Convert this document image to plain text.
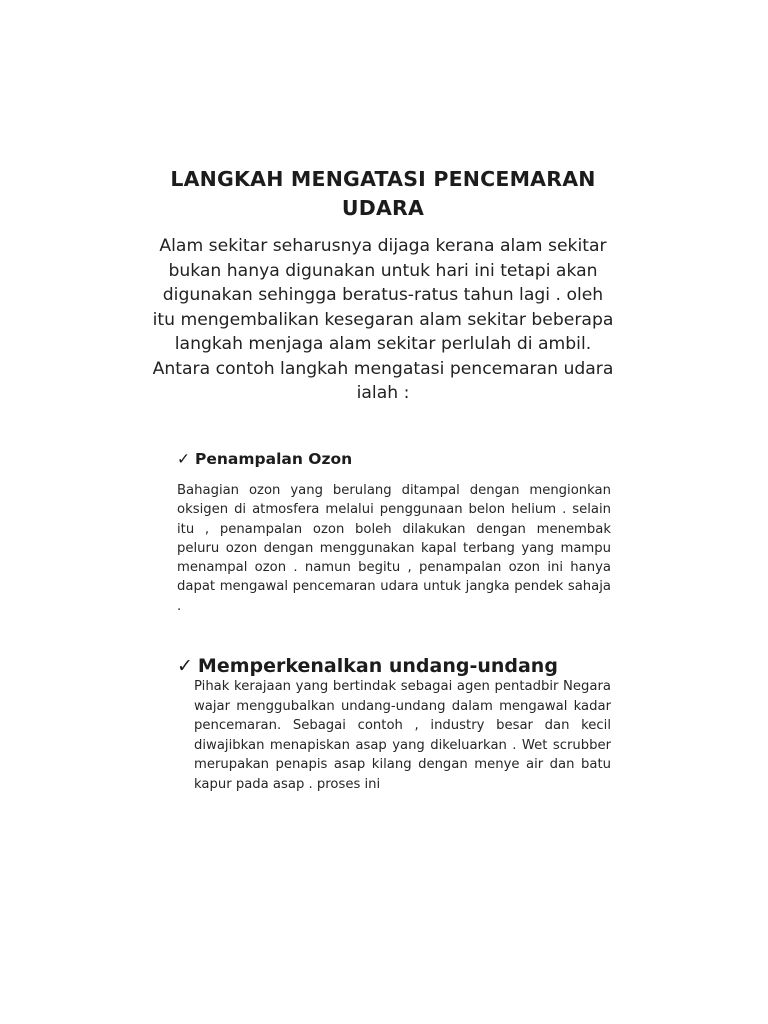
LANGKAH MENGATASI PENCEMARAN UDARA
Alam sekitar seharusnya dijaga kerana alam sekitar bukan hanya digunakan untuk hari ini tetapi akan digunakan sehingga beratus-ratus tahun lagi . oleh itu mengembalikan kesegaran alam sekitar beberapa langkah menjaga alam sekitar perlulah di ambil. Antara contoh langkah mengatasi pencemaran udara ialah :
✓ Penampalan Ozon
Bahagian ozon yang berulang ditampal dengan mengionkan oksigen di atmosfera melalui penggunaan belon helium . selain itu , penampalan ozon boleh dilakukan dengan menembak peluru ozon dengan menggunakan kapal terbang yang mampu menampal ozon . namun begitu , penampalan ozon ini hanya dapat mengawal pencemaran udara untuk jangka pendek sahaja .
✓ Memperkenalkan undang-undang
Pihak kerajaan yang bertindak sebagai agen pentadbir Negara wajar menggubalkan undang-undang dalam mengawal kadar pencemaran. Sebagai contoh , industry besar dan kecil diwajibkan menapiskan asap yang dikeluarkan . Wet scrubber merupakan penapis asap kilang dengan menye air dan batu kapur pada asap . proses ini
